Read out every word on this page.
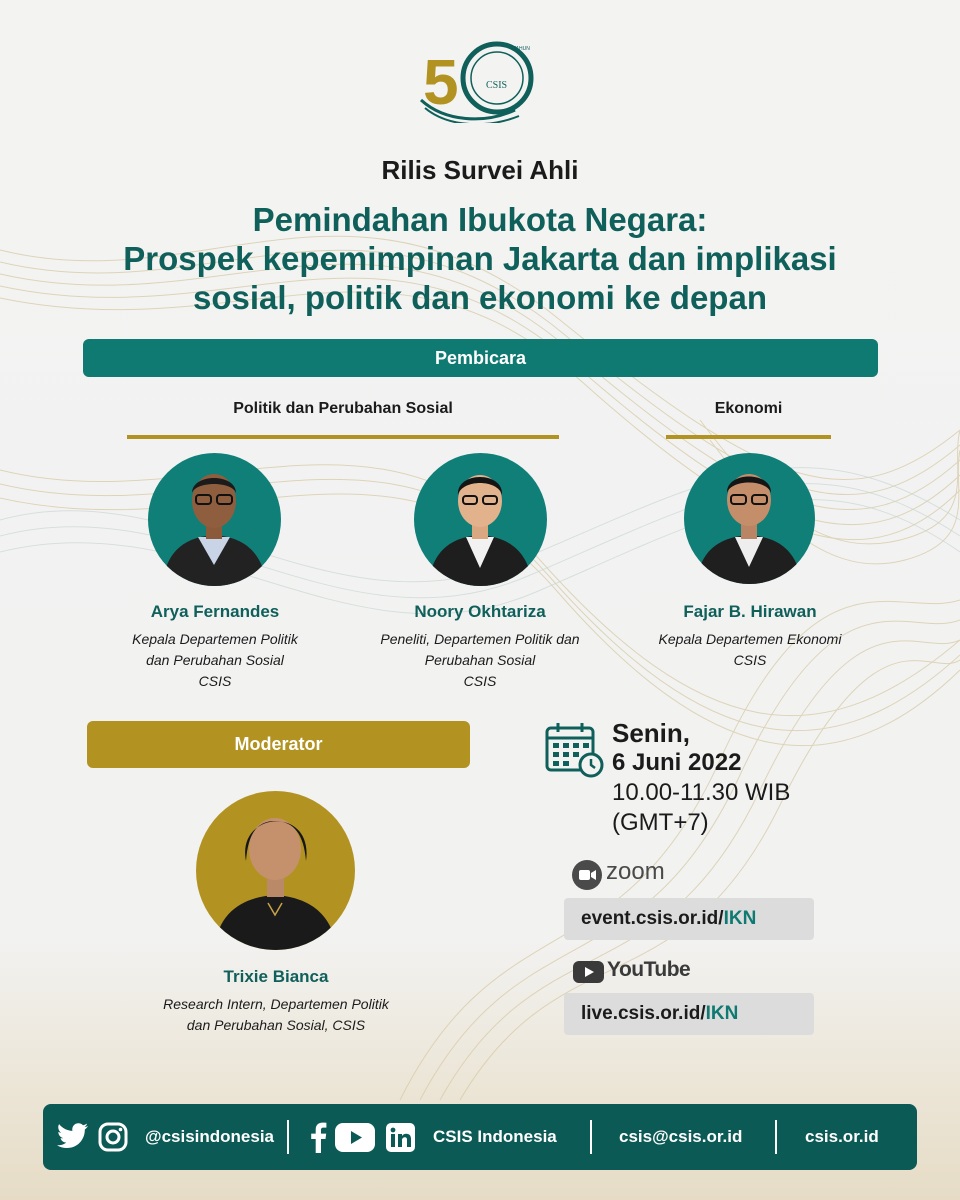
5	CSIS
TAHUN
Rilis Survei Ahli
Pemindahan Ibukota Negara:
Prospek kepemimpinan Jakarta dan implikasi
sosial, politik dan ekonomi ke depan
Pembicara
Politik dan Perubahan Sosial	Ekonomi
Arya Fernandes
Kepala Departemen Politik
dan Perubahan Sosial
CSIS
Noory Okhtariza
Peneliti, Departemen Politik dan
Perubahan Sosial
CSIS
Fajar B. Hirawan
Kepala Departemen Ekonomi
CSIS
Moderator
Trixie Bianca
Research Intern, Departemen Politik
dan Perubahan Sosial, CSIS
Senin,
6 Juni 2022
10.00-11.30 WIB
(GMT+7)
zoom
event.csis.or.id/IKN
YouTube
live.csis.or.id/IKN
@csisindonesia	CSIS Indonesia	csis@csis.or.id	csis.or.id
